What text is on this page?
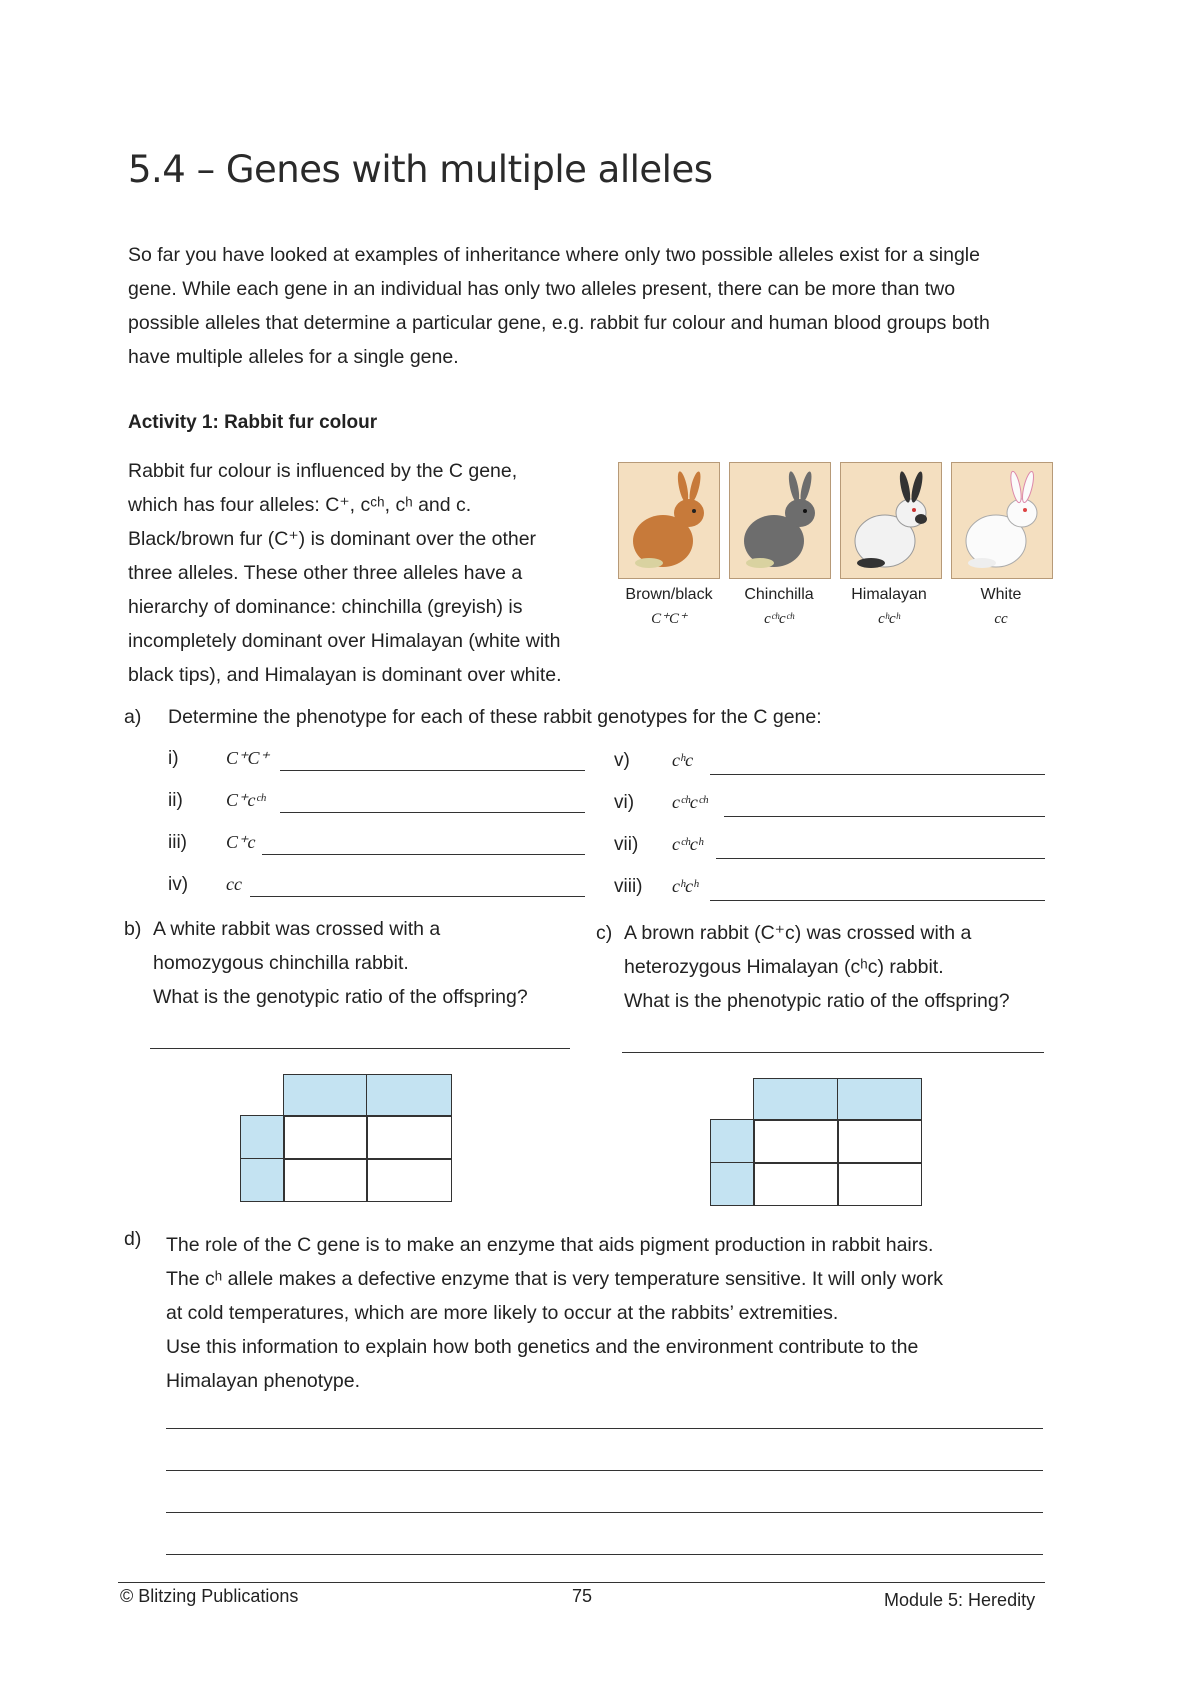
5.4 – Genes with multiple alleles
So far you have looked at examples of inheritance where only two possible alleles exist for a single
gene. While each gene in an individual has only two alleles present, there can be more than two
possible alleles that determine a particular gene, e.g. rabbit fur colour and human blood groups both
have multiple alleles for a single gene.
Activity 1: Rabbit fur colour
Rabbit fur colour is influenced by the C gene,
which has four alleles: C⁺, cᶜʰ, cʰ and c.
Black/brown fur (C⁺) is dominant over the other
three alleles. These other three alleles have a
hierarchy of dominance: chinchilla (greyish) is
incompletely dominant over Himalayan (white with
black tips), and Himalayan is dominant over white.
Brown/black
C⁺C⁺
Chinchilla
cᶜʰcᶜʰ
Himalayan
cʰcʰ
White
cc
a) Determine the phenotype for each of these rabbit genotypes for the C gene:
i)	C⁺C⁺
ii) C⁺cᶜʰ
iii) C⁺c
iv) cc
v) cʰc
vi) cᶜʰcᶜʰ
vii) cᶜʰcʰ
viii) cʰcʰ
b) A white rabbit was crossed with a
homozygous chinchilla rabbit.
What is the genotypic ratio of the offspring?
c) A brown rabbit (C⁺c) was crossed with a
heterozygous Himalayan (cʰc) rabbit.
What is the phenotypic ratio of the offspring?
d) The role of the C gene is to make an enzyme that aids pigment production in rabbit hairs.
The cʰ allele makes a defective enzyme that is very temperature sensitive. It will only work
at cold temperatures, which are more likely to occur at the rabbits’ extremities.
Use this information to explain how both genetics and the environment contribute to the
Himalayan phenotype.
© Blitzing Publications	75	Module 5: Heredity
